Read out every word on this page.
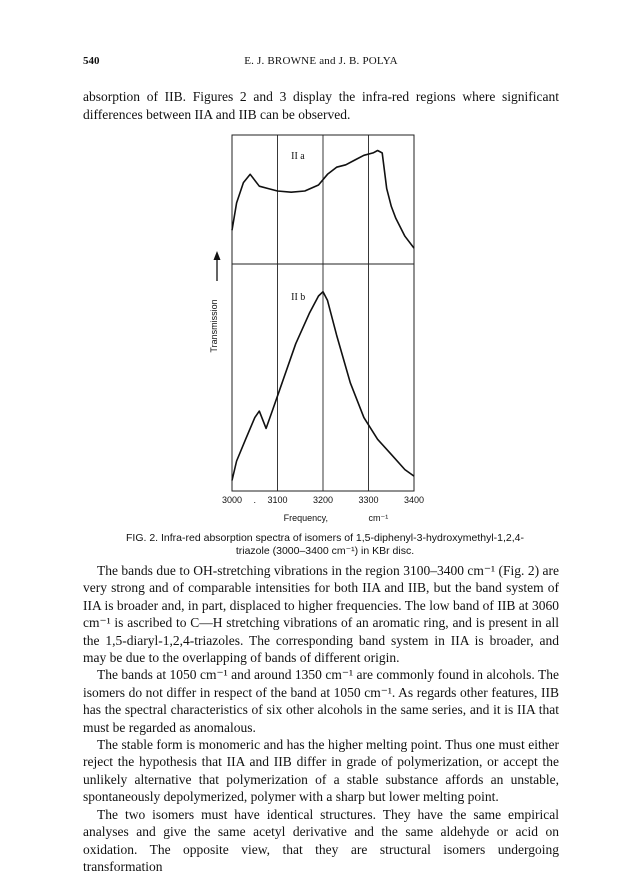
540	E. J. BROWNE and J. B. POLYA
absorption of IIB. Figures 2 and 3 display the infra-red regions where significant differences between IIA and IIB can be observed.
II a
II b
3000 . 3100	3200	3300	3400
Frequency,	cm⁻¹
Transmission
FIG. 2. Infra-red absorption spectra of isomers of 1,5-diphenyl-3-hydroxymethyl-1,2,4-triazole (3000–3400 cm⁻¹) in KBr disc.

The bands due to OH-stretching vibrations in the region 3100–3400 cm⁻¹ (Fig. 2) are very strong and of comparable intensities for both IIA and IIB, but the band system of IIA is broader and, in part, displaced to higher frequencies. The low band of IIB at 3060 cm⁻¹ is ascribed to C—H stretching vibrations of an aromatic ring, and is present in all the 1,5-diaryl-1,2,4-triazoles. The corresponding band system in IIA is broader, and may be due to the overlapping of bands of different origin.

The bands at 1050 cm⁻¹ and around 1350 cm⁻¹ are commonly found in alcohols. The isomers do not differ in respect of the band at 1050 cm⁻¹. As regards other features, IIB has the spectral characteristics of six other alcohols in the same series, and it is IIA that must be regarded as anomalous.

The stable form is monomeric and has the higher melting point. Thus one must either reject the hypothesis that IIA and IIB differ in grade of polymerization, or accept the unlikely alternative that polymerization of a stable substance affords an unstable, spontaneously depolymerized, polymer with a sharp but lower melting point.

The two isomers must have identical structures. They have the same empirical analyses and give the same acetyl derivative and the same aldehyde or acid on oxidation. The opposite view, that they are structural isomers undergoing transformation
